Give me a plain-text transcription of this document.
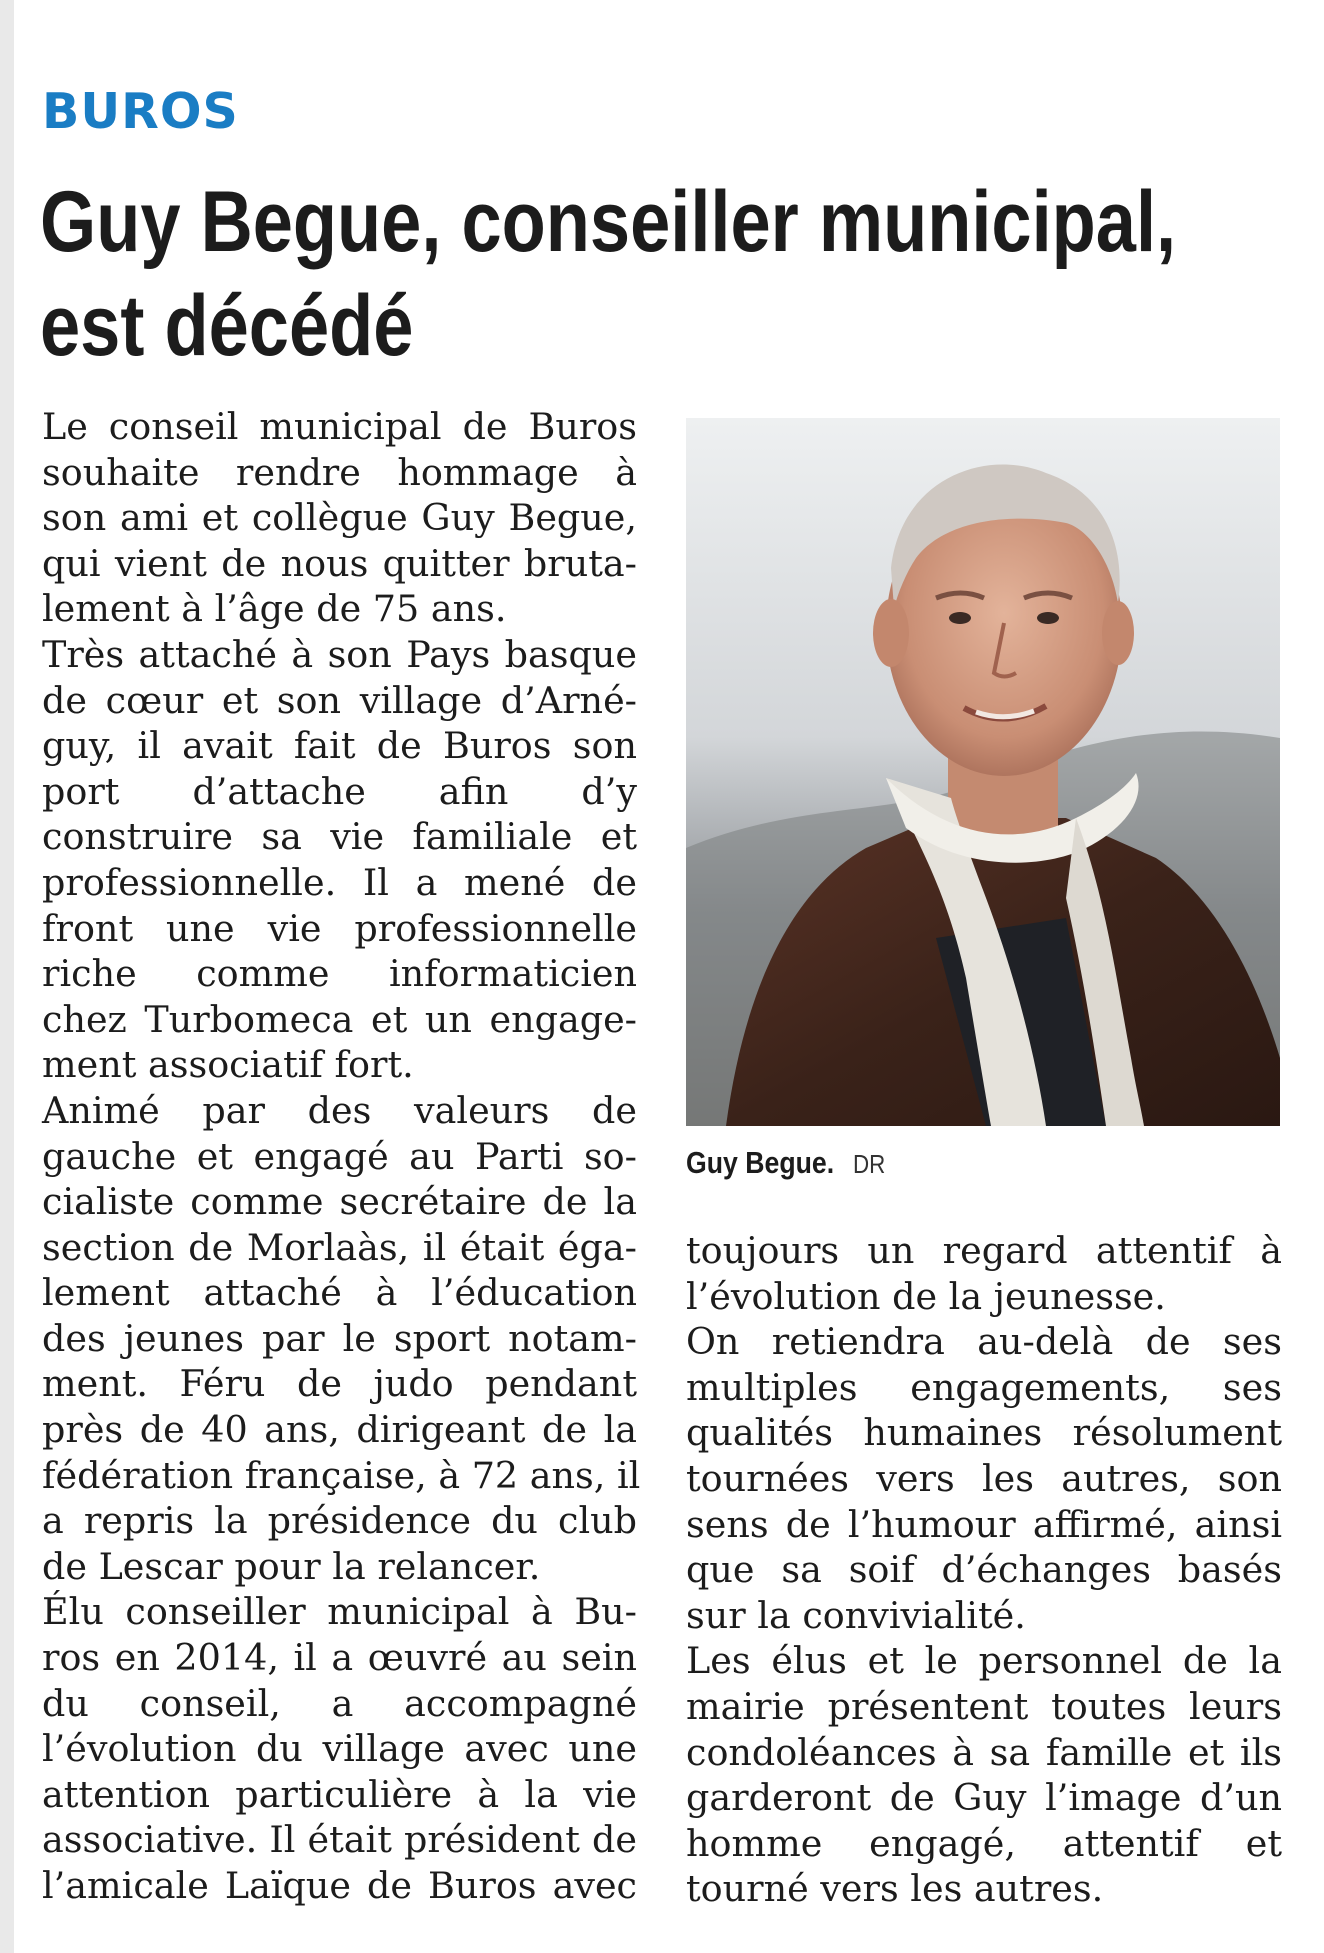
BUROS
Guy Begue, conseiller municipal,
est décédé
Le conseil municipal de Buros
souhaite rendre hommage à
son ami et collègue Guy Begue,
qui vient de nous quitter bruta-
lement à l’âge de 75 ans.
Très attaché à son Pays basque
de cœur et son village d’Arné-
guy, il avait fait de Buros son
port d’attache afin d’y
construire sa vie familiale et
professionnelle. Il a mené de
front une vie professionnelle
riche comme informaticien
chez Turbomeca et un engage-
ment associatif fort.
Animé par des valeurs de
gauche et engagé au Parti so-
cialiste comme secrétaire de la
section de Morlaàs, il était éga-
lement attaché à l’éducation
des jeunes par le sport notam-
ment. Féru de judo pendant
près de 40 ans, dirigeant de la
fédération française, à 72 ans, il
a repris la présidence du club
de Lescar pour la relancer.
Élu conseiller municipal à Bu-
ros en 2014, il a œuvré au sein
du conseil, a accompagné
l’évolution du village avec une
attention particulière à la vie
associative. Il était président de
l’amicale Laïque de Buros avec
Guy Begue. DR
toujours un regard attentif à
l’évolution de la jeunesse.
On retiendra au-delà de ses
multiples engagements, ses
qualités humaines résolument
tournées vers les autres, son
sens de l’humour affirmé, ainsi
que sa soif d’échanges basés
sur la convivialité.
Les élus et le personnel de la
mairie présentent toutes leurs
condoléances à sa famille et ils
garderont de Guy l’image d’un
homme engagé, attentif et
tourné vers les autres.
